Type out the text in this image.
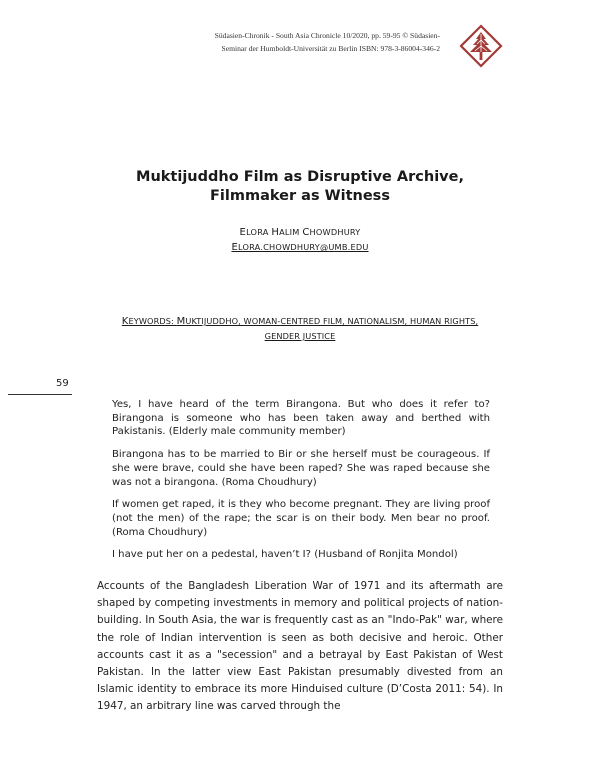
Südasien-Chronik - South Asia Chronicle 10/2020, pp. 59-95 © Südasien-
Seminar der Humboldt-Universität zu Berlin ISBN: 978-3-86004-346-2
Muktijuddho Film as Disruptive Archive,
Filmmaker as Witness
ELORA HALIM CHOWDHURY
ELORA.CHOWDHURY@UMB.EDU
KEYWORDS: MUKTIJUDDHO, WOMAN-CENTRED FILM, NATIONALISM, HUMAN RIGHTS,
GENDER JUSTICE
59

Yes, I have heard of the term Birangona. But who does it refer to? Birangona is someone who has been taken away and berthed with Pakistanis. (Elderly male community member)

Birangona has to be married to Bir or she herself must be courageous. If she were brave, could she have been raped? She was raped because she was not a birangona. (Roma Choudhury)

If women get raped, it is they who become pregnant. They are living proof (not the men) of the rape; the scar is on their body. Men bear no proof. (Roma Choudhury)

I have put her on a pedestal, haven’t I? (Husband of Ronjita Mondol)

Accounts of the Bangladesh Liberation War of 1971 and its aftermath are shaped by competing investments in memory and political projects of nation-building. In South Asia, the war is frequently cast as an "Indo-Pak" war, where the role of Indian intervention is seen as both decisive and heroic. Other accounts cast it as a "secession" and a betrayal by East Pakistan of West Pakistan. In the latter view East Pakistan presumably divested from an Islamic identity to embrace its more Hinduised culture (D’Costa 2011: 54). In 1947, an arbitrary line was carved through the
